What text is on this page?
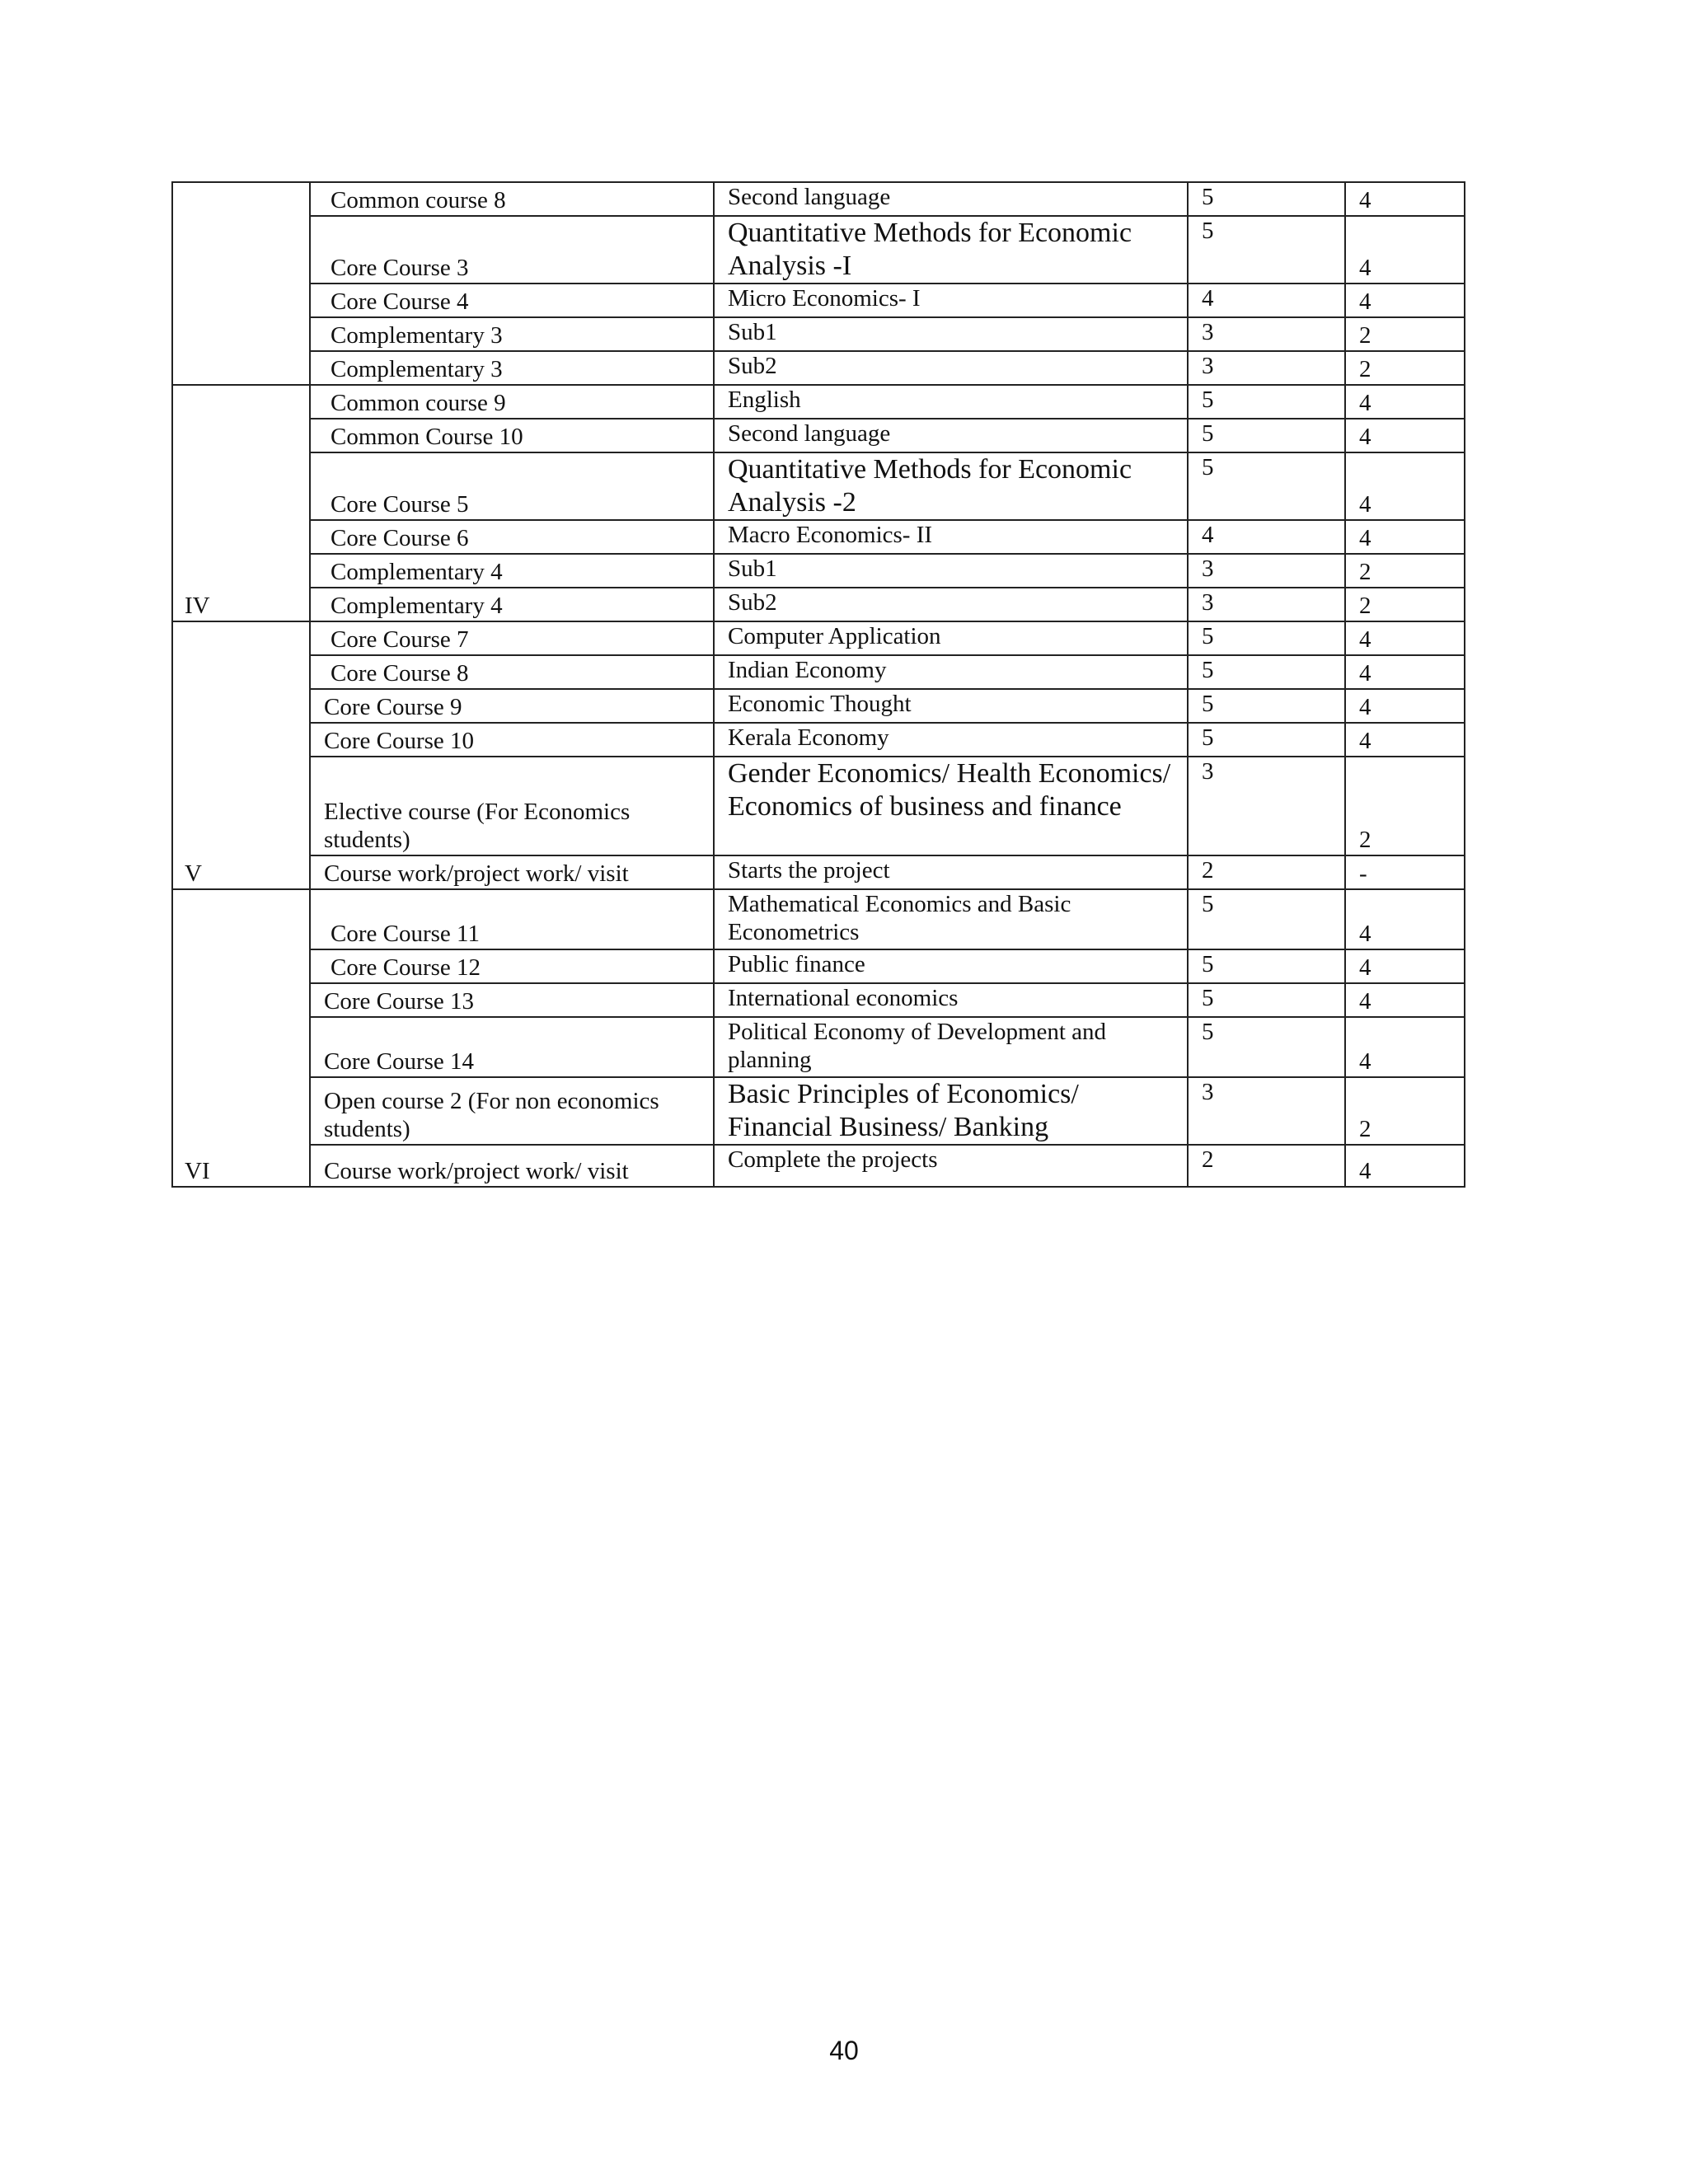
	Common course 8	Second language	5	4
	Core Course 3	Quantitative Methods for Economic Analysis -I	5	4
	Core Course 4	Micro Economics- I	4	4
	Complementary 3	Sub1	3	2
	Complementary 3	Sub2	3	2
IV	Common course 9	English	5	4
	Common Course 10	Second language	5	4
	Core Course 5	Quantitative Methods for Economic Analysis -2	5	4
	Core Course 6	Macro Economics- II	4	4
	Complementary 4	Sub1	3	2
	Complementary 4	Sub2	3	2
V	Core Course 7	Computer Application	5	4
	Core Course 8	Indian Economy	5	4
	Core Course 9	Economic Thought	5	4
	Core Course 10	Kerala Economy	5	4
	Elective course (For Economics students)	Gender Economics/ Health Economics/ Economics of business and finance	3	2
	Course work/project work/ visit	Starts the project	2	-
VI	Core Course 11	Mathematical Economics and Basic Econometrics	5	4
	Core Course 12	Public finance	5	4
	Core Course 13	International economics	5	4
	Core Course 14	Political Economy of Development and planning	5	4
	Open course 2 (For non economics students)	Basic Principles of Economics/ Financial Business/ Banking	3	2
	Course work/project work/ visit	Complete the projects	2	4
40
